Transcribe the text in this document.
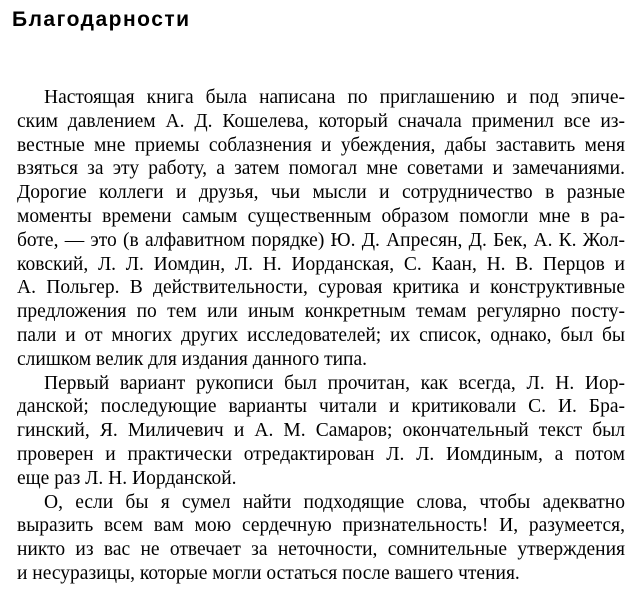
Благодарности

Настоящая книга была написана по приглашению и под эпиче-
ским давлением А. Д. Кошелева, который сначала применил все из-
вестные мне приемы соблазнения и убеждения, дабы заставить меня
взяться за эту работу, а затем помогал мне советами и замечаниями.
Дорогие коллеги и друзья, чьи мысли и сотрудничество в разные
моменты времени самым существенным образом помогли мне в ра-
боте, — это (в алфавитном порядке) Ю. Д. Апресян, Д. Бек, А. К. Жол-
ковский, Л. Л. Иомдин, Л. Н. Иорданская, С. Каан, Н. В. Перцов и
А. Польгер. В действительности, суровая критика и конструктивные
предложения по тем или иным конкретным темам регулярно посту-
пали и от многих других исследователей; их список, однако, был бы
слишком велик для издания данного типа.

Первый вариант рукописи был прочитан, как всегда, Л. Н. Иор-
данской; последующие варианты читали и критиковали С. И. Бра-
гинский, Я. Миличевич и А. М. Самаров; окончательный текст был
проверен и практически отредактирован Л. Л. Иомдиным, а потом
еще раз Л. Н. Иорданской.

О, если бы я сумел найти подходящие слова, чтобы адекватно
выразить всем вам мою сердечную признательность! И, разумеется,
никто из вас не отвечает за неточности, сомнительные утверждения
и несуразицы, которые могли остаться после вашего чтения.
